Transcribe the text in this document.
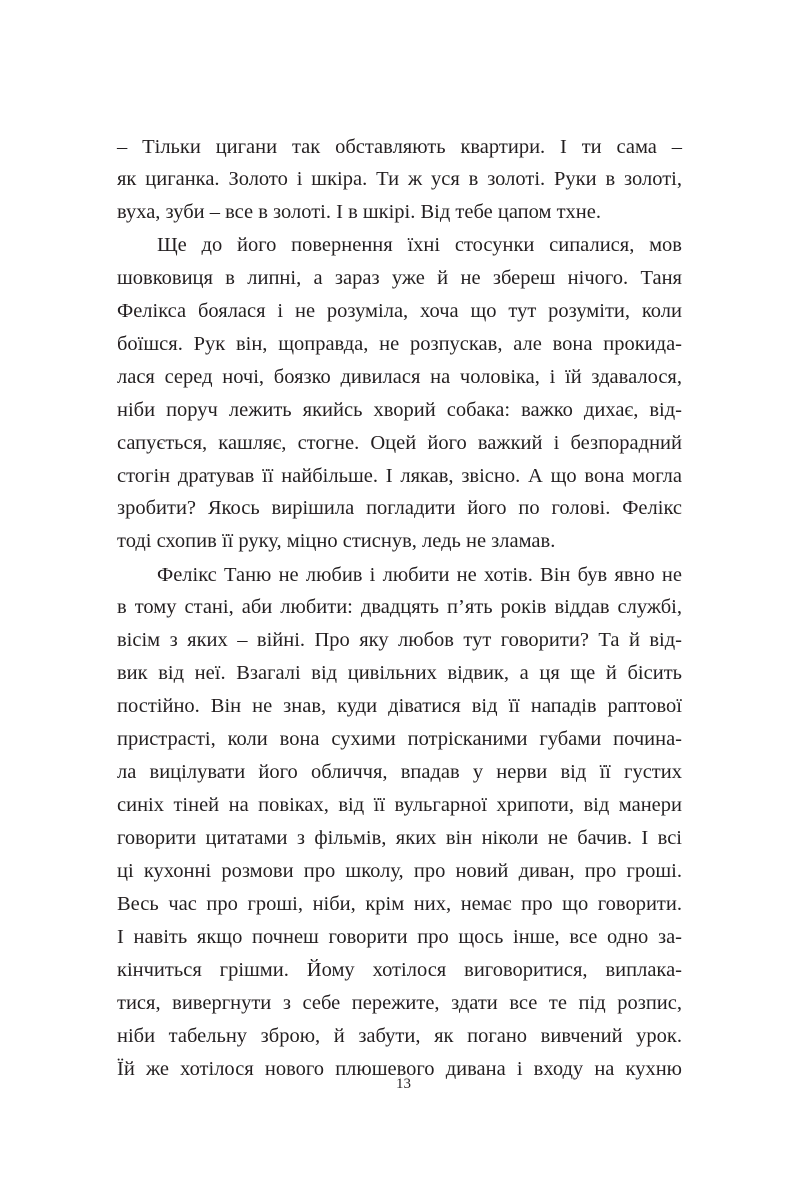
– Тільки цигани так обставляють квартири. І ти сама –
як циганка. Золото і шкіра. Ти ж уся в золоті. Руки в золоті,
вуха, зуби – все в золоті. І в шкірі. Від тебе цапом тхне.
Ще до його повернення їхні стосунки сипалися, мов
шовковиця в липні, а зараз уже й не збереш нічого. Таня
Фелікса боялася і не розуміла, хоча що тут розуміти, коли
боїшся. Рук він, щоправда, не розпускав, але вона прокида-
лася серед ночі, боязко дивилася на чоловіка, і їй здавалося,
ніби поруч лежить якийсь хворий собака: важко дихає, від-
сапується, кашляє, стогне. Оцей його важкий і безпорадний
стогін дратував її найбільше. І лякав, звісно. А що вона могла
зробити? Якось вирішила погладити його по голові. Фелікс
тоді схопив її руку, міцно стиснув, ледь не зламав.
Фелікс Таню не любив і любити не хотів. Він був явно не
в тому стані, аби любити: двадцять п’ять років віддав службі,
вісім з яких – війні. Про яку любов тут говорити? Та й від-
вик від неї. Взагалі від цивільних відвик, а ця ще й бісить
постійно. Він не знав, куди діватися від її нападів раптової
пристрасті, коли вона сухими потрісканими губами почина-
ла вицілувати його обличчя, впадав у нерви від її густих
синіх тіней на повіках, від її вульгарної хрипоти, від манери
говорити цитатами з фільмів, яких він ніколи не бачив. І всі
ці кухонні розмови про школу, про новий диван, про гроші.
Весь час про гроші, ніби, крім них, немає про що говорити.
І навіть якщо почнеш говорити про щось інше, все одно за-
кінчиться грішми. Йому хотілося виговоритися, виплака-
тися, вивергнути з себе пережите, здати все те під розпис,
ніби табельну зброю, й забути, як погано вивчений урок.
Їй же хотілося нового плюшевого дивана і входу на кухню
13
